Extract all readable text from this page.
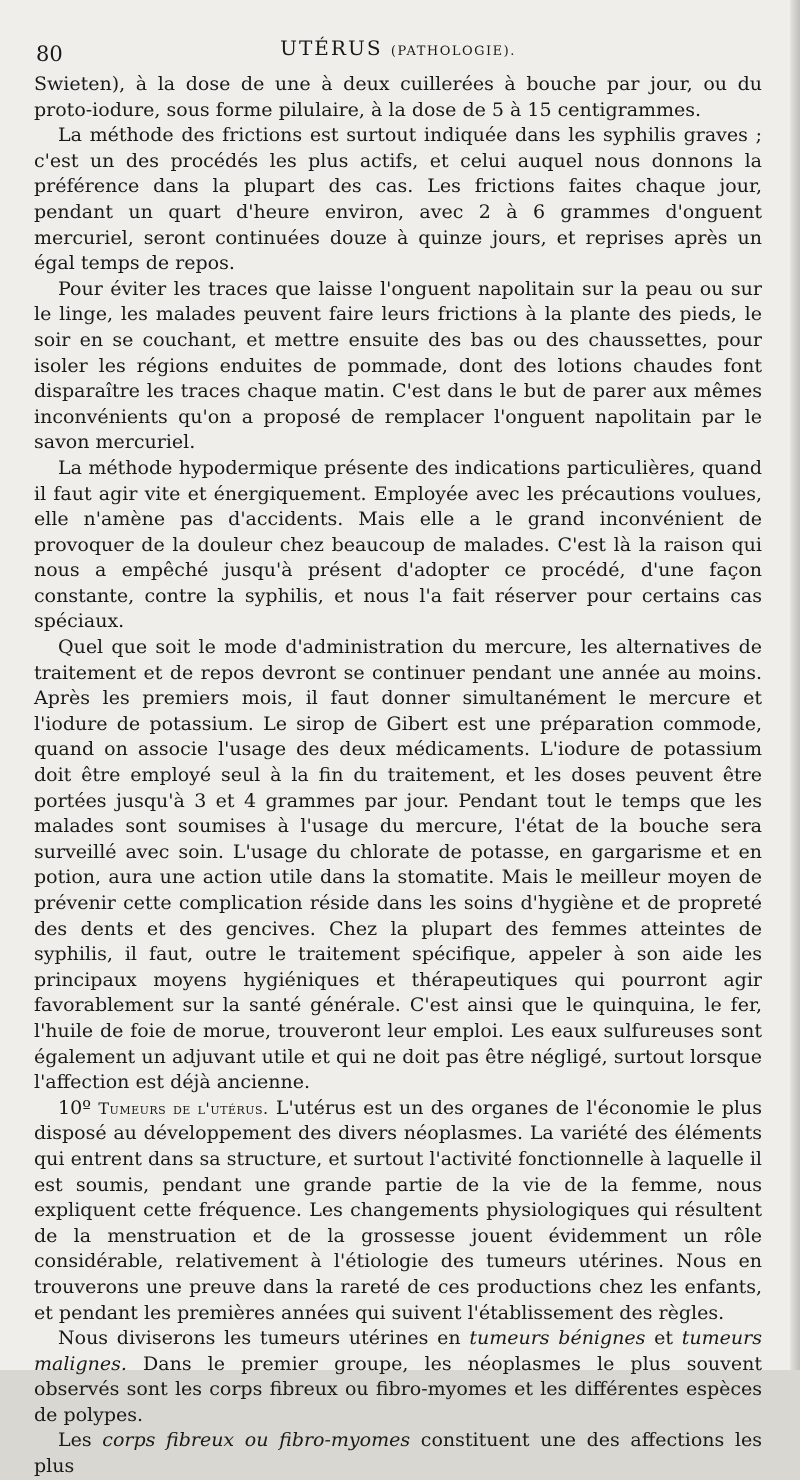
80	UTÉRUS (PATHOLOGIE).

Swieten), à la dose de une à deux cuillerées à bouche par jour, ou du proto-iodure, sous forme pilulaire, à la dose de 5 à 15 centigrammes.

La méthode des frictions est surtout indiquée dans les syphilis graves ; c'est un des procédés les plus actifs, et celui auquel nous donnons la préférence dans la plupart des cas. Les frictions faites chaque jour, pendant un quart d'heure environ, avec 2 à 6 grammes d'onguent mercuriel, seront continuées douze à quinze jours, et reprises après un égal temps de repos.

Pour éviter les traces que laisse l'onguent napolitain sur la peau ou sur le linge, les malades peuvent faire leurs frictions à la plante des pieds, le soir en se couchant, et mettre ensuite des bas ou des chaussettes, pour isoler les régions enduites de pommade, dont des lotions chaudes font disparaître les traces chaque matin. C'est dans le but de parer aux mêmes inconvénients qu'on a proposé de remplacer l'onguent napolitain par le savon mercuriel.

La méthode hypodermique présente des indications particulières, quand il faut agir vite et énergiquement. Employée avec les précautions voulues, elle n'amène pas d'accidents. Mais elle a le grand inconvénient de provoquer de la douleur chez beaucoup de malades. C'est là la raison qui nous a empêché jusqu'à présent d'adopter ce procédé, d'une façon constante, contre la syphilis, et nous l'a fait réserver pour certains cas spéciaux.

Quel que soit le mode d'administration du mercure, les alternatives de traitement et de repos devront se continuer pendant une année au moins. Après les premiers mois, il faut donner simultanément le mercure et l'iodure de potassium. Le sirop de Gibert est une préparation commode, quand on associe l'usage des deux médicaments. L'iodure de potassium doit être employé seul à la fin du traitement, et les doses peuvent être portées jusqu'à 3 et 4 grammes par jour. Pendant tout le temps que les malades sont soumises à l'usage du mercure, l'état de la bouche sera surveillé avec soin. L'usage du chlorate de potasse, en gargarisme et en potion, aura une action utile dans la stomatite. Mais le meilleur moyen de prévenir cette complication réside dans les soins d'hygiène et de propreté des dents et des gencives. Chez la plupart des femmes atteintes de syphilis, il faut, outre le traitement spécifique, appeler à son aide les principaux moyens hygiéniques et thérapeutiques qui pourront agir favorablement sur la santé générale. C'est ainsi que le quinquina, le fer, l'huile de foie de morue, trouveront leur emploi. Les eaux sulfureuses sont également un adjuvant utile et qui ne doit pas être négligé, surtout lorsque l'affection est déjà ancienne.

10º Tumeurs de l'utérus. L'utérus est un des organes de l'économie le plus disposé au développement des divers néoplasmes. La variété des éléments qui entrent dans sa structure, et surtout l'activité fonctionnelle à laquelle il est soumis, pendant une grande partie de la vie de la femme, nous expliquent cette fréquence. Les changements physiologiques qui résultent de la menstruation et de la grossesse jouent évidemment un rôle considérable, relativement à l'étiologie des tumeurs utérines. Nous en trouverons une preuve dans la rareté de ces productions chez les enfants, et pendant les premières années qui suivent l'établissement des règles.

Nous diviserons les tumeurs utérines en tumeurs bénignes et tumeurs malignes. Dans le premier groupe, les néoplasmes le plus souvent observés sont les corps fibreux ou fibro-myomes et les différentes espèces de polypes.

Les corps fibreux ou fibro-myomes constituent une des affections les plus
